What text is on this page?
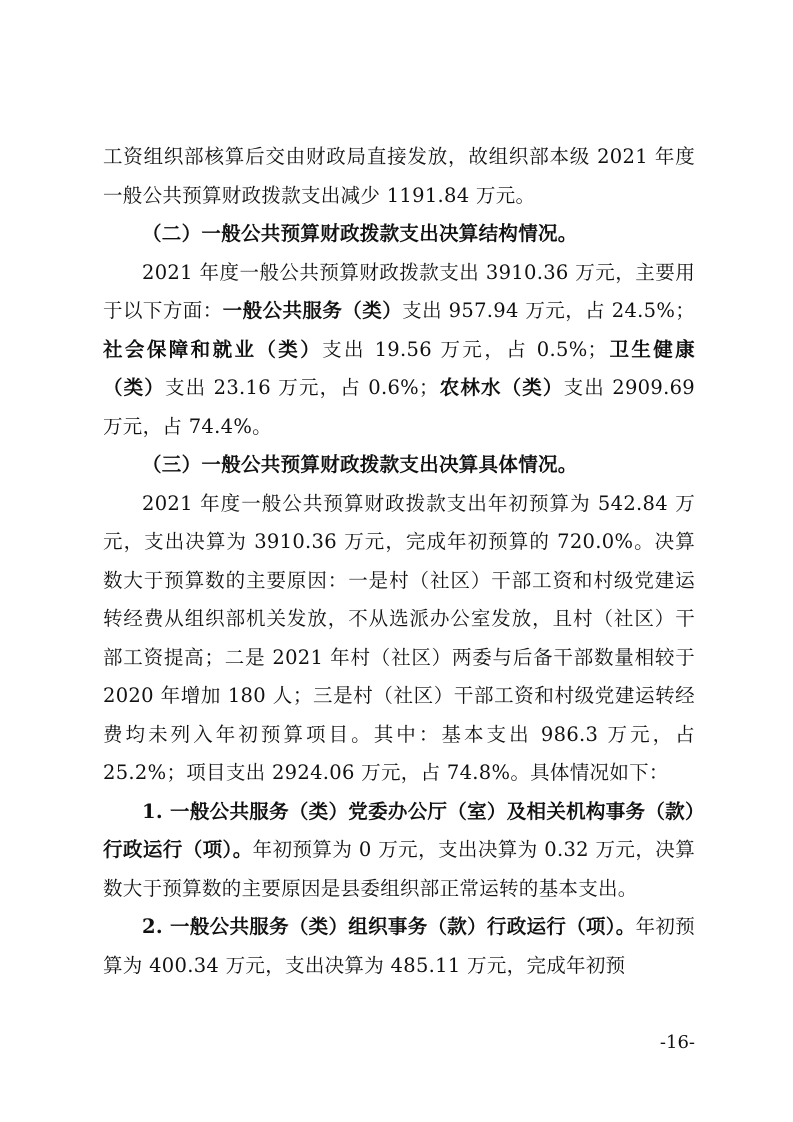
工资组织部核算后交由财政局直接发放，故组织部本级 2021 年度一般公共预算财政拨款支出减少 1191.84 万元。

（二）一般公共预算财政拨款支出决算结构情况。

2021 年度一般公共预算财政拨款支出 3910.36 万元，主要用于以下方面：一般公共服务（类）支出 957.94 万元，占 24.5%；社会保障和就业（类）支出 19.56 万元，占 0.5%；卫生健康（类）支出 23.16 万元，占 0.6%；农林水（类）支出 2909.69 万元，占 74.4%。

（三）一般公共预算财政拨款支出决算具体情况。

2021 年度一般公共预算财政拨款支出年初预算为 542.84 万元，支出决算为 3910.36 万元，完成年初预算的 720.0%。决算数大于预算数的主要原因：一是村（社区）干部工资和村级党建运转经费从组织部机关发放，不从选派办公室发放，且村（社区）干部工资提高；二是 2021 年村（社区）两委与后备干部数量相较于 2020 年增加 180 人；三是村（社区）干部工资和村级党建运转经费均未列入年初预算项目。其中：基本支出 986.3 万元，占 25.2%；项目支出 2924.06 万元，占 74.8%。具体情况如下：

1. 一般公共服务（类）党委办公厅（室）及相关机构事务（款）行政运行（项）。年初预算为 0 万元，支出决算为 0.32 万元，决算数大于预算数的主要原因是县委组织部正常运转的基本支出。

2. 一般公共服务（类）组织事务（款）行政运行（项）。年初预算为 400.34 万元，支出决算为 485.11 万元，完成年初预

-16-
